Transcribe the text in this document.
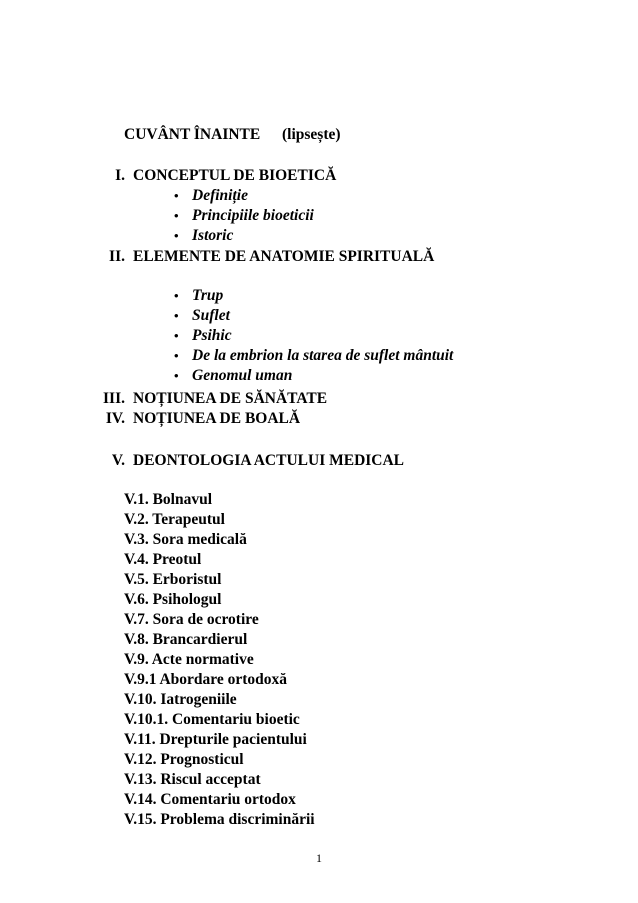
CUVÂNT ÎNAINTE (lipsește)
I. CONCEPTUL DE BIOETICĂ
• Definiție
• Principiile bioeticii
• Istoric
II. ELEMENTE DE ANATOMIE SPIRITUALĂ
• Trup
• Suflet
• Psihic
• De la embrion la starea de suflet mântuit
• Genomul uman
III. NOȚIUNEA DE SĂNĂTATE
IV. NOȚIUNEA DE BOALĂ
V. DEONTOLOGIA ACTULUI MEDICAL
V.1. Bolnavul
V.2. Terapeutul
V.3. Sora medicală
V.4. Preotul
V.5. Erboristul
V.6. Psihologul
V.7. Sora de ocrotire
V.8. Brancardierul
V.9. Acte normative
V.9.1 Abordare ortodoxă
V.10. Iatrogeniile
V.10.1. Comentariu bioetic
V.11. Drepturile pacientului
V.12. Prognosticul
V.13. Riscul acceptat
V.14. Comentariu ortodox
V.15. Problema discriminării
1
